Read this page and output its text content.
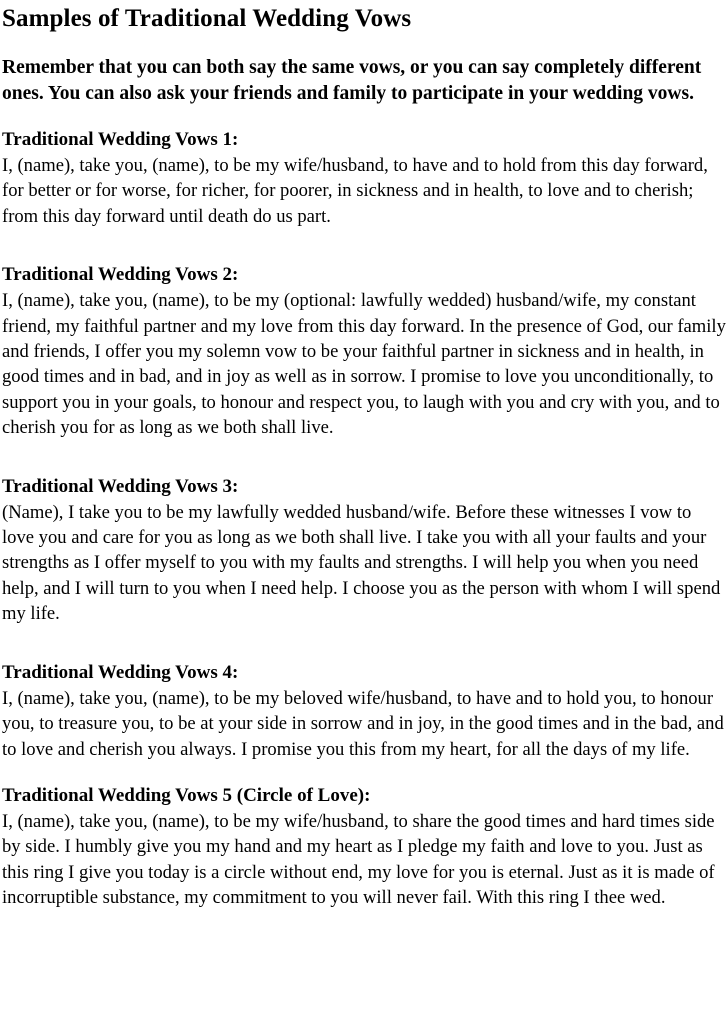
Samples of Traditional Wedding Vows

Remember that you can both say the same vows, or you can say completely different ones. You can also ask your friends and family to participate in your wedding vows.

Traditional Wedding Vows 1:

I, (name), take you, (name), to be my wife/husband, to have and to hold from this day forward, for better or for worse, for richer, for poorer, in sickness and in health, to love and to cherish; from this day forward until death do us part.

Traditional Wedding Vows 2:

I, (name), take you, (name), to be my (optional: lawfully wedded) husband/wife, my constant friend, my faithful partner and my love from this day forward. In the presence of God, our family and friends, I offer you my solemn vow to be your faithful partner in sickness and in health, in good times and in bad, and in joy as well as in sorrow. I promise to love you unconditionally, to support you in your goals, to honour and respect you, to laugh with you and cry with you, and to cherish you for as long as we both shall live.

Traditional Wedding Vows 3:

(Name), I take you to be my lawfully wedded husband/wife. Before these witnesses I vow to love you and care for you as long as we both shall live. I take you with all your faults and your strengths as I offer myself to you with my faults and strengths. I will help you when you need help, and I will turn to you when I need help. I choose you as the person with whom I will spend my life.

Traditional Wedding Vows 4:

I, (name), take you, (name), to be my beloved wife/husband, to have and to hold you, to honour you, to treasure you, to be at your side in sorrow and in joy, in the good times and in the bad, and to love and cherish you always. I promise you this from my heart, for all the days of my life.

Traditional Wedding Vows 5 (Circle of Love):

I, (name), take you, (name), to be my wife/husband, to share the good times and hard times side by side. I humbly give you my hand and my heart as I pledge my faith and love to you. Just as this ring I give you today is a circle without end, my love for you is eternal. Just as it is made of incorruptible substance, my commitment to you will never fail. With this ring I thee wed.
